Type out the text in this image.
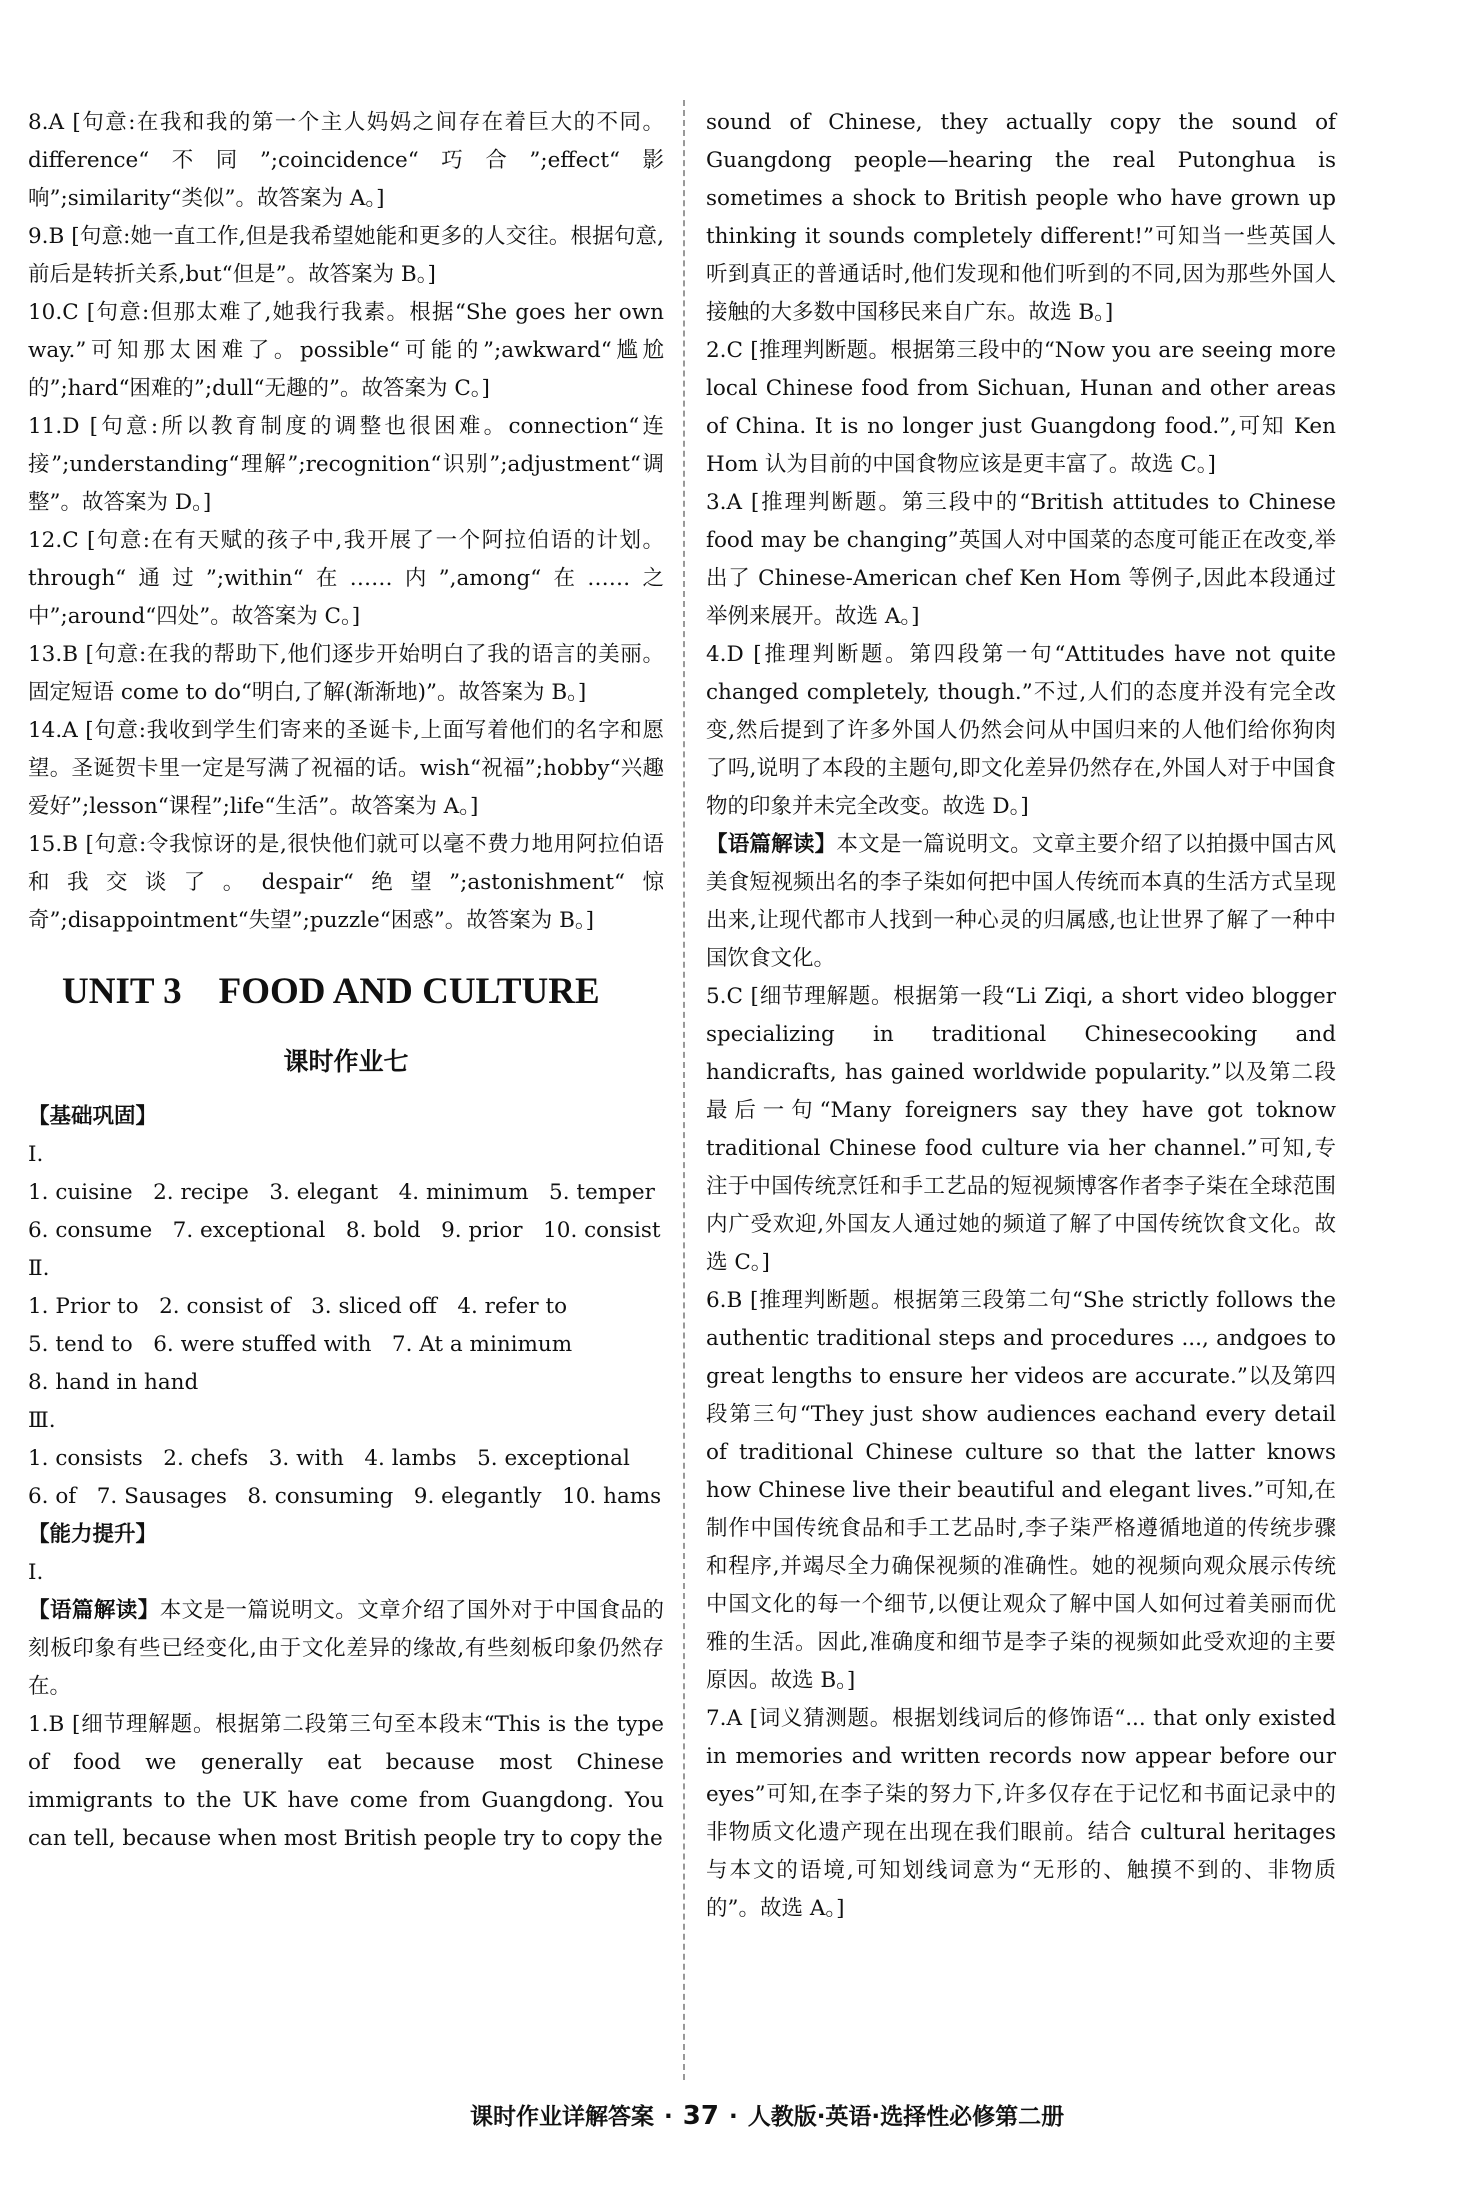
8.A [句意:在我和我的第一个主人妈妈之间存在着巨大的不同。difference“不同”;coincidence“巧合”;effect“影响”;similarity“类似”。故答案为 A。]

9.B [句意:她一直工作,但是我希望她能和更多的人交往。根据句意,前后是转折关系,but“但是”。故答案为 B。]

10.C [句意:但那太难了,她我行我素。根据“She goes her own way.”可知那太困难了。possible“可能的”;awkward“尴尬的”;hard“困难的”;dull“无趣的”。故答案为 C。]

11.D [句意:所以教育制度的调整也很困难。connection“连接”;understanding“理解”;recognition“识别”;adjustment“调整”。故答案为 D。]

12.C [句意:在有天赋的孩子中,我开展了一个阿拉伯语的计划。through“通过”;within“在……内”,among“在……之中”;around“四处”。故答案为 C。]

13.B [句意:在我的帮助下,他们逐步开始明白了我的语言的美丽。固定短语 come to do“明白,了解(渐渐地)”。故答案为 B。]

14.A [句意:我收到学生们寄来的圣诞卡,上面写着他们的名字和愿望。圣诞贺卡里一定是写满了祝福的话。wish“祝福”;hobby“兴趣爱好”;lesson“课程”;life“生活”。故答案为 A。]

15.B [句意:令我惊讶的是,很快他们就可以毫不费力地用阿拉伯语和我交谈了。despair“绝望”;astonishment“惊奇”;disappointment“失望”;puzzle“困惑”。故答案为 B。]

UNIT 3    FOOD AND CULTURE
课时作业七
【基础巩固】

Ⅰ.

1. cuisine   2. recipe   3. elegant   4. minimum   5. temper
6. consume   7. exceptional   8. bold   9. prior   10. consist

Ⅱ.

1. Prior to   2. consist of   3. sliced off   4. refer to
5. tend to   6. were stuffed with   7. At a minimum
8. hand in hand

Ⅲ.

1. consists   2. chefs   3. with   4. lambs   5. exceptional
6. of   7. Sausages   8. consuming   9. elegantly   10. hams
【能力提升】

Ⅰ.

【语篇解读】本文是一篇说明文。文章介绍了国外对于中国食品的刻板印象有些已经变化,由于文化差异的缘故,有些刻板印象仍然存在。

1.B [细节理解题。根据第二段第三句至本段末“This is the type of food we generally eat because most Chinese immigrants to the UK have come from Guangdong. You can tell, because when most British people try to copy the

sound of Chinese, they actually copy the sound of Guangdong people—hearing the real Putonghua is sometimes a shock to British people who have grown up thinking it sounds completely different!”可知当一些英国人听到真正的普通话时,他们发现和他们听到的不同,因为那些外国人接触的大多数中国移民来自广东。故选 B。]

2.C [推理判断题。根据第三段中的“Now you are seeing more local Chinese food from Sichuan, Hunan and other areas of China. It is no longer just Guangdong food.”,可知 Ken Hom 认为目前的中国食物应该是更丰富了。故选 C。]

3.A [推理判断题。第三段中的“British attitudes to Chinese food may be changing”英国人对中国菜的态度可能正在改变,举出了 Chinese-American chef Ken Hom 等例子,因此本段通过举例来展开。故选 A。]

4.D [推理判断题。第四段第一句“Attitudes have not quite changed completely, though.”不过,人们的态度并没有完全改变,然后提到了许多外国人仍然会问从中国归来的人他们给你狗肉了吗,说明了本段的主题句,即文化差异仍然存在,外国人对于中国食物的印象并未完全改变。故选 D。]

【语篇解读】本文是一篇说明文。文章主要介绍了以拍摄中国古风美食短视频出名的李子柒如何把中国人传统而本真的生活方式呈现出来,让现代都市人找到一种心灵的归属感,也让世界了解了一种中国饮食文化。

5.C [细节理解题。根据第一段“Li Ziqi, a short video blogger specializing in traditional Chinesecooking and handicrafts, has gained worldwide popularity.”以及第二段最后一句“Many foreigners say they have got toknow traditional Chinese food culture via her channel.”可知,专注于中国传统烹饪和手工艺品的短视频博客作者李子柒在全球范围内广受欢迎,外国友人通过她的频道了解了中国传统饮食文化。故选 C。]

6.B [推理判断题。根据第三段第二句“She strictly follows the authentic traditional steps and procedures ..., andgoes to great lengths to ensure her videos are accurate.”以及第四段第三句“They just show audiences eachand every detail of traditional Chinese culture so that the latter knows how Chinese live their beautiful and elegant lives.”可知,在制作中国传统食品和手工艺品时,李子柒严格遵循地道的传统步骤和程序,并竭尽全力确保视频的准确性。她的视频向观众展示传统中国文化的每一个细节,以便让观众了解中国人如何过着美丽而优雅的生活。因此,准确度和细节是李子柒的视频如此受欢迎的主要原因。故选 B。]

7.A [词义猜测题。根据划线词后的修饰语“... that only existed in memories and written records now appear before our eyes”可知,在李子柒的努力下,许多仅存在于记忆和书面记录中的非物质文化遗产现在出现在我们眼前。结合 cultural heritages 与本文的语境,可知划线词意为“无形的、触摸不到的、非物质的”。故选 A。]

课时作业详解答案 · 37 · 人教版·英语·选择性必修第二册
